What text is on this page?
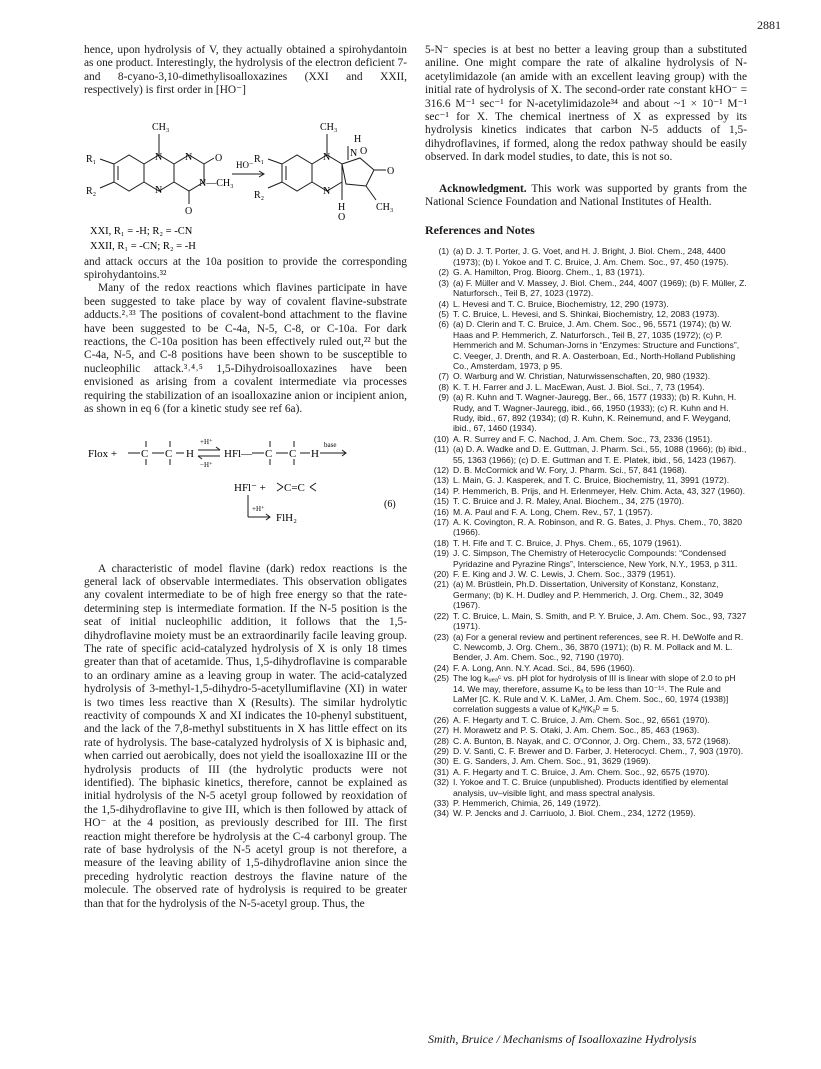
2881

hence, upon hydrolysis of V, they actually obtained a spirohydantoin as one product. Interestingly, the hydrolysis of the electron deficient 7- and 8-cyano-3,10-dimethylisoalloxazines (XXI and XXII, respectively) is first order in [HO⁻]

CH₃	CH₃
R₁
R₂
R₁
R₂
N N
N
N—CH₃
O
O
HO⁻
H
H
N N
N
O
O
O
CH₃
XXI, R₁ = -H; R₂ = -CN
XXII, R₁ = -CN; R₂ = -H

and attack occurs at the 10a position to provide the corresponding spirohydantoins.³²

Many of the redox reactions which flavines participate in have been suggested to take place by way of covalent flavine-substrate adducts.²˒³³ The positions of covalent-bond attachment to the flavine have been suggested to be C-4a, N-5, C-8, or C-10a. For dark reactions, the C-10a position has been effectively ruled out,²² but the C-4a, N-5, and C-8 positions have been shown to be susceptible to nucleophilic attack.³˒⁴˒⁵ 1,5-Dihydroisoalloxazines have been envisioned as arising from a covalent intermediate via processes requiring the stabilization of an isoalloxazine anion or incipient anion, as shown in eq 6 (for a kinetic study see ref 6a).

Flox + C C H
+H⁺
−H⁺
HFl— C C H
base
HFl⁻ + C=C
+H⁺
FlH₂
(6)

A characteristic of model flavine (dark) redox reactions is the general lack of observable intermediates. This observation obligates any covalent intermediate to be of high free energy so that the rate-determining step is intermediate formation. If the N-5 position is the seat of initial nucleophilic addition, it follows that the 1,5-dihydroflavine moiety must be an extraordinarily facile leaving group. The rate of specific acid-catalyzed hydrolysis of X is only 18 times greater than that of acetamide. Thus, 1,5-dihydroflavine is comparable to an ordinary amine as a leaving group in water. The acid-catalyzed hydrolysis of 3-methyl-1,5-dihydro-5-acetyllumiflavine (XI) in water is two times less reactive than X (Results). The similar hydrolytic reactivity of compounds X and XI indicates the 10-phenyl substituent, and the lack of the 7,8-methyl substituents in X has little effect on its rate of hydrolysis. The base-catalyzed hydrolysis of X is biphasic and, when carried out aerobically, does not yield the isoalloxazine III or the hydrolysis products of III (the hydrolytic products were not identified). The biphasic kinetics, therefore, cannot be explained as initial hydrolysis of the N-5 acetyl group followed by reoxidation of the 1,5-dihydroflavine to give III, which is then followed by attack of HO⁻ at the 4 position, as previously described for III. The first reaction might therefore be hydrolysis at the C-4 carbonyl group. The rate of base hydrolysis of the N-5 acetyl group is not therefore, a measure of the leaving ability of 1,5-dihydroflavine anion since the preceding hydrolytic reaction destroys the flavine nature of the molecule. The observed rate of hydrolysis is required to be greater than that for the hydrolysis of the N-5-acetyl group. Thus, the

5-N⁻ species is at best no better a leaving group than a substituted aniline. One might compare the rate of alkaline hydrolysis of N-acetylimidazole (an amide with an excellent leaving group) with the initial rate of hydrolysis of X. The second-order rate constant kΗΟ⁻ = 316.6 M⁻¹ sec⁻¹ for N-acetylimidazole³⁴ and about ~1 × 10⁻¹ M⁻¹ sec⁻¹ for X. The chemical inertness of X as expressed by its hydrolysis kinetics indicates that carbon N-5 adducts of 1,5-dihydroflavines, if formed, along the redox pathway should be easily observed. In dark model studies, to date, this is not so.

Acknowledgment. This work was supported by grants from the National Science Foundation and National Institutes of Health.

References and Notes
(1) (a) D. J. T. Porter, J. G. Voet, and H. J. Bright, J. Biol. Chem., 248, 4400 (1973); (b) I. Yokoe and T. C. Bruice, J. Am. Chem. Soc., 97, 450 (1975).
(2) G. A. Hamilton, Prog. Bioorg. Chem., 1, 83 (1971).
(3) (a) F. Müller and V. Massey, J. Biol. Chem., 244, 4007 (1969); (b) F. Müller, Z. Naturforsch., Teil B, 27, 1023 (1972).
(4) L. Hevesi and T. C. Bruice, Biochemistry, 12, 290 (1973).
(5) T. C. Bruice, L. Hevesi, and S. Shinkai, Biochemistry, 12, 2083 (1973).
(6) (a) D. Clerin and T. C. Bruice, J. Am. Chem. Soc., 96, 5571 (1974); (b) W. Haas and P. Hemmerich, Z. Naturforsch., Teil B, 27, 1035 (1972); (c) P. Hemmerich and M. Schuman-Jorns in “Enzymes: Structure and Functions”, C. Veeger, J. Drenth, and R. A. Oasterboan, Ed., North-Holland Publishing Co., Amsterdam, 1973, p 95.
(7) O. Warburg and W. Christian, Naturwissenschaften, 20, 980 (1932).
(8) K. T. H. Farrer and J. L. MacEwan, Aust. J. Biol. Sci., 7, 73 (1954).
(9) (a) R. Kuhn and T. Wagner-Jauregg, Ber., 66, 1577 (1933); (b) R. Kuhn, H. Rudy, and T. Wagner-Jauregg, ibid., 66, 1950 (1933); (c) R. Kuhn and H. Rudy, ibid., 67, 892 (1934); (d) R. Kuhn, K. Reinemund, and F. Weygand, ibid., 67, 1460 (1934).
(10) A. R. Surrey and F. C. Nachod, J. Am. Chem. Soc., 73, 2336 (1951).
(11) (a) D. A. Wadke and D. E. Guttman, J. Pharm. Sci., 55, 1088 (1966); (b) ibid., 55, 1363 (1966); (c) D. E. Guttman and T. E. Platek, ibid., 56, 1423 (1967).
(12) D. B. McCormick and W. Fory, J. Pharm. Sci., 57, 841 (1968).
(13) L. Main, G. J. Kasperek, and T. C. Bruice, Biochemistry, 11, 3991 (1972).
(14) P. Hemmerich, B. Prijs, and H. Erlenmeyer, Helv. Chim. Acta, 43, 327 (1960).
(15) T. C. Bruice and J. R. Maley, Anal. Biochem., 34, 275 (1970).
(16) M. A. Paul and F. A. Long, Chem. Rev., 57, 1 (1957).
(17) A. K. Covington, R. A. Robinson, and R. G. Bates, J. Phys. Chem., 70, 3820 (1966).
(18) T. H. Fife and T. C. Bruice, J. Phys. Chem., 65, 1079 (1961).
(19) J. C. Simpson, The Chemistry of Heterocyclic Compounds: “Condensed Pyridazine and Pyrazine Rings”, Interscience, New York, N.Y., 1953, p 311.
(20) F. E. King and J. W. C. Lewis, J. Chem. Soc., 3379 (1951).
(21) (a) M. Brüstlein, Ph.D. Dissertation, University of Konstanz, Konstanz, Germany; (b) K. H. Dudley and P. Hemmerich, J. Org. Chem., 32, 3049 (1967).
(22) T. C. Bruice, L. Main, S. Smith, and P. Y. Bruice, J. Am. Chem. Soc., 93, 7327 (1971).
(23) (a) For a general review and pertinent references, see R. H. DeWolfe and R. C. Newcomb, J. Org. Chem., 36, 3870 (1971); (b) R. M. Pollack and M. L. Bender, J. Am. Chem. Soc., 92, 7190 (1970).
(24) F. A. Long, Ann. N.Y. Acad. Sci., 84, 596 (1960).
(25) The log kᵤₑₐᶜ vs. pH plot for hydrolysis of III is linear with slope of 2.0 to pH 14. We may, therefore, assume Kₐ to be less than 10⁻¹⁵. The Rule and LaMer [C. K. Rule and V. K. LaMer, J. Am. Chem. Soc., 60, 1974 (1938)] correlation suggests a value of Kₐᴴ/Kₐᴰ ≃ 5.
(26) A. F. Hegarty and T. C. Bruice, J. Am. Chem. Soc., 92, 6561 (1970).
(27) H. Morawetz and P. S. Otaki, J. Am. Chem. Soc., 85, 463 (1963).
(28) C. A. Bunton, B. Nayak, and C. O'Connor, J. Org. Chem., 33, 572 (1968).
(29) D. V. Santi, C. F. Brewer and D. Farber, J. Heterocycl. Chem., 7, 903 (1970).
(30) E. G. Sanders, J. Am. Chem. Soc., 91, 3629 (1969).
(31) A. F. Hegarty and T. C. Bruice, J. Am. Chem. Soc., 92, 6575 (1970).
(32) I. Yokoe and T. C. Bruice (unpublished). Products identified by elemental analysis, uv–visible light, and mass spectral analysis.
(33) P. Hemmerich, Chimia, 26, 149 (1972).
(34) W. P. Jencks and J. Carriuolo, J. Biol. Chem., 234, 1272 (1959).
Smith, Bruice / Mechanisms of Isoalloxazine Hydrolysis
